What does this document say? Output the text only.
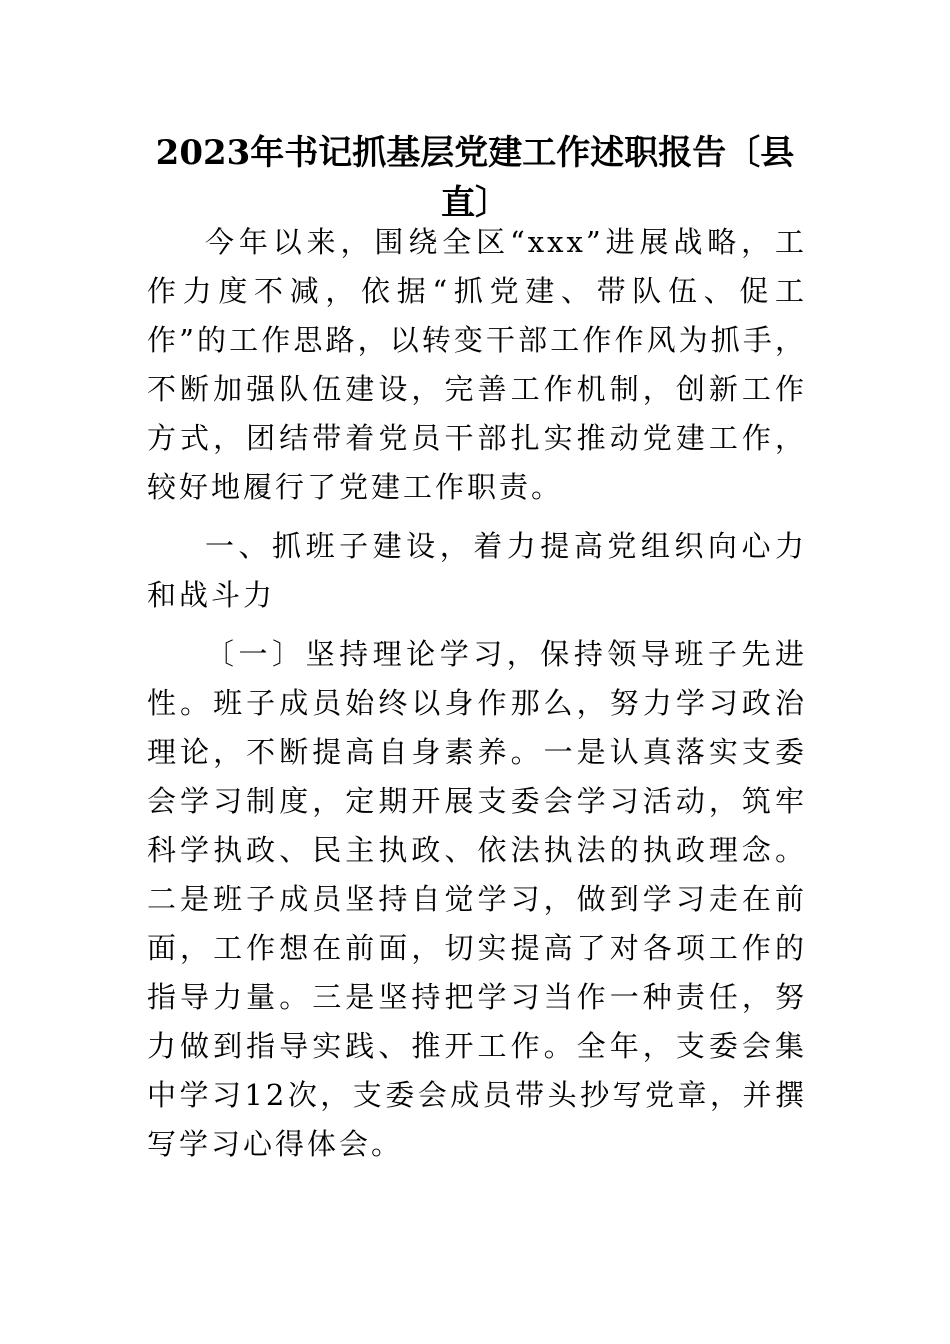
2023年书记抓基层党建工作述职报告〔县直〕

今年以来，围绕全区“xxx”进展战略，工作力度不减，依据“抓党建、带队伍、促工作”的工作思路，以转变干部工作作风为抓手，不断加强队伍建设，完善工作机制，创新工作方式，团结带着党员干部扎实推动党建工作，较好地履行了党建工作职责。

一、抓班子建设，着力提高党组织向心力和战斗力

〔一〕坚持理论学习，保持领导班子先进性。班子成员始终以身作那么，努力学习政治理论，不断提高自身素养。一是认真落实支委会学习制度，定期开展支委会学习活动，筑牢科学执政、民主执政、依法执法的执政理念。二是班子成员坚持自觉学习，做到学习走在前面，工作想在前面，切实提高了对各项工作的指导力量。三是坚持把学习当作一种责任，努力做到指导实践、推开工作。全年，支委会集中学习12次，支委会成员带头抄写党章，并撰写学习心得体会。
